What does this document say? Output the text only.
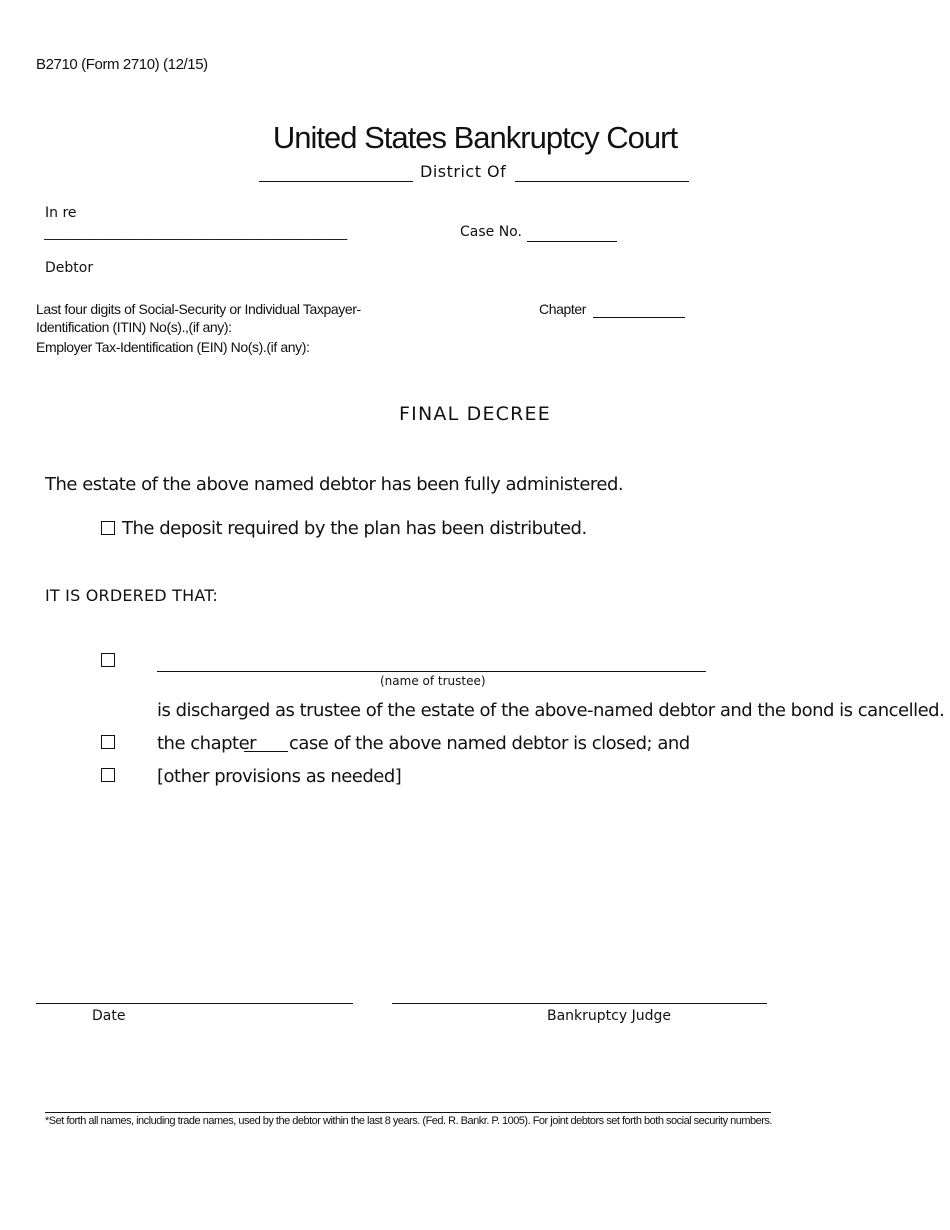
B2710 (Form 2710) (12/15)
United States Bankruptcy Court
District Of
In re
______________________________________________________	Case No.
Debtor
Last four digits of Social-Security or Individual Taxpayer-
Identification (ITIN) No(s).,(if any):
Employer Tax-Identification (EIN) No(s).(if any):
Chapter
FINAL DECREE
The estate of the above named debtor has been fully administered.
The deposit required by the plan has been distributed.
IT IS ORDERED THAT:
(name of trustee)
is discharged as trustee of the estate of the above-named debtor and the bond is cancelled.
the chapter case of the above named debtor is closed; and
[other provisions as needed]
Date	Bankruptcy Judge
*Set forth all names, including trade names, used by the debtor within the last 8 years. (Fed. R. Bankr. P. 1005). For joint debtors set forth both social security numbers.
